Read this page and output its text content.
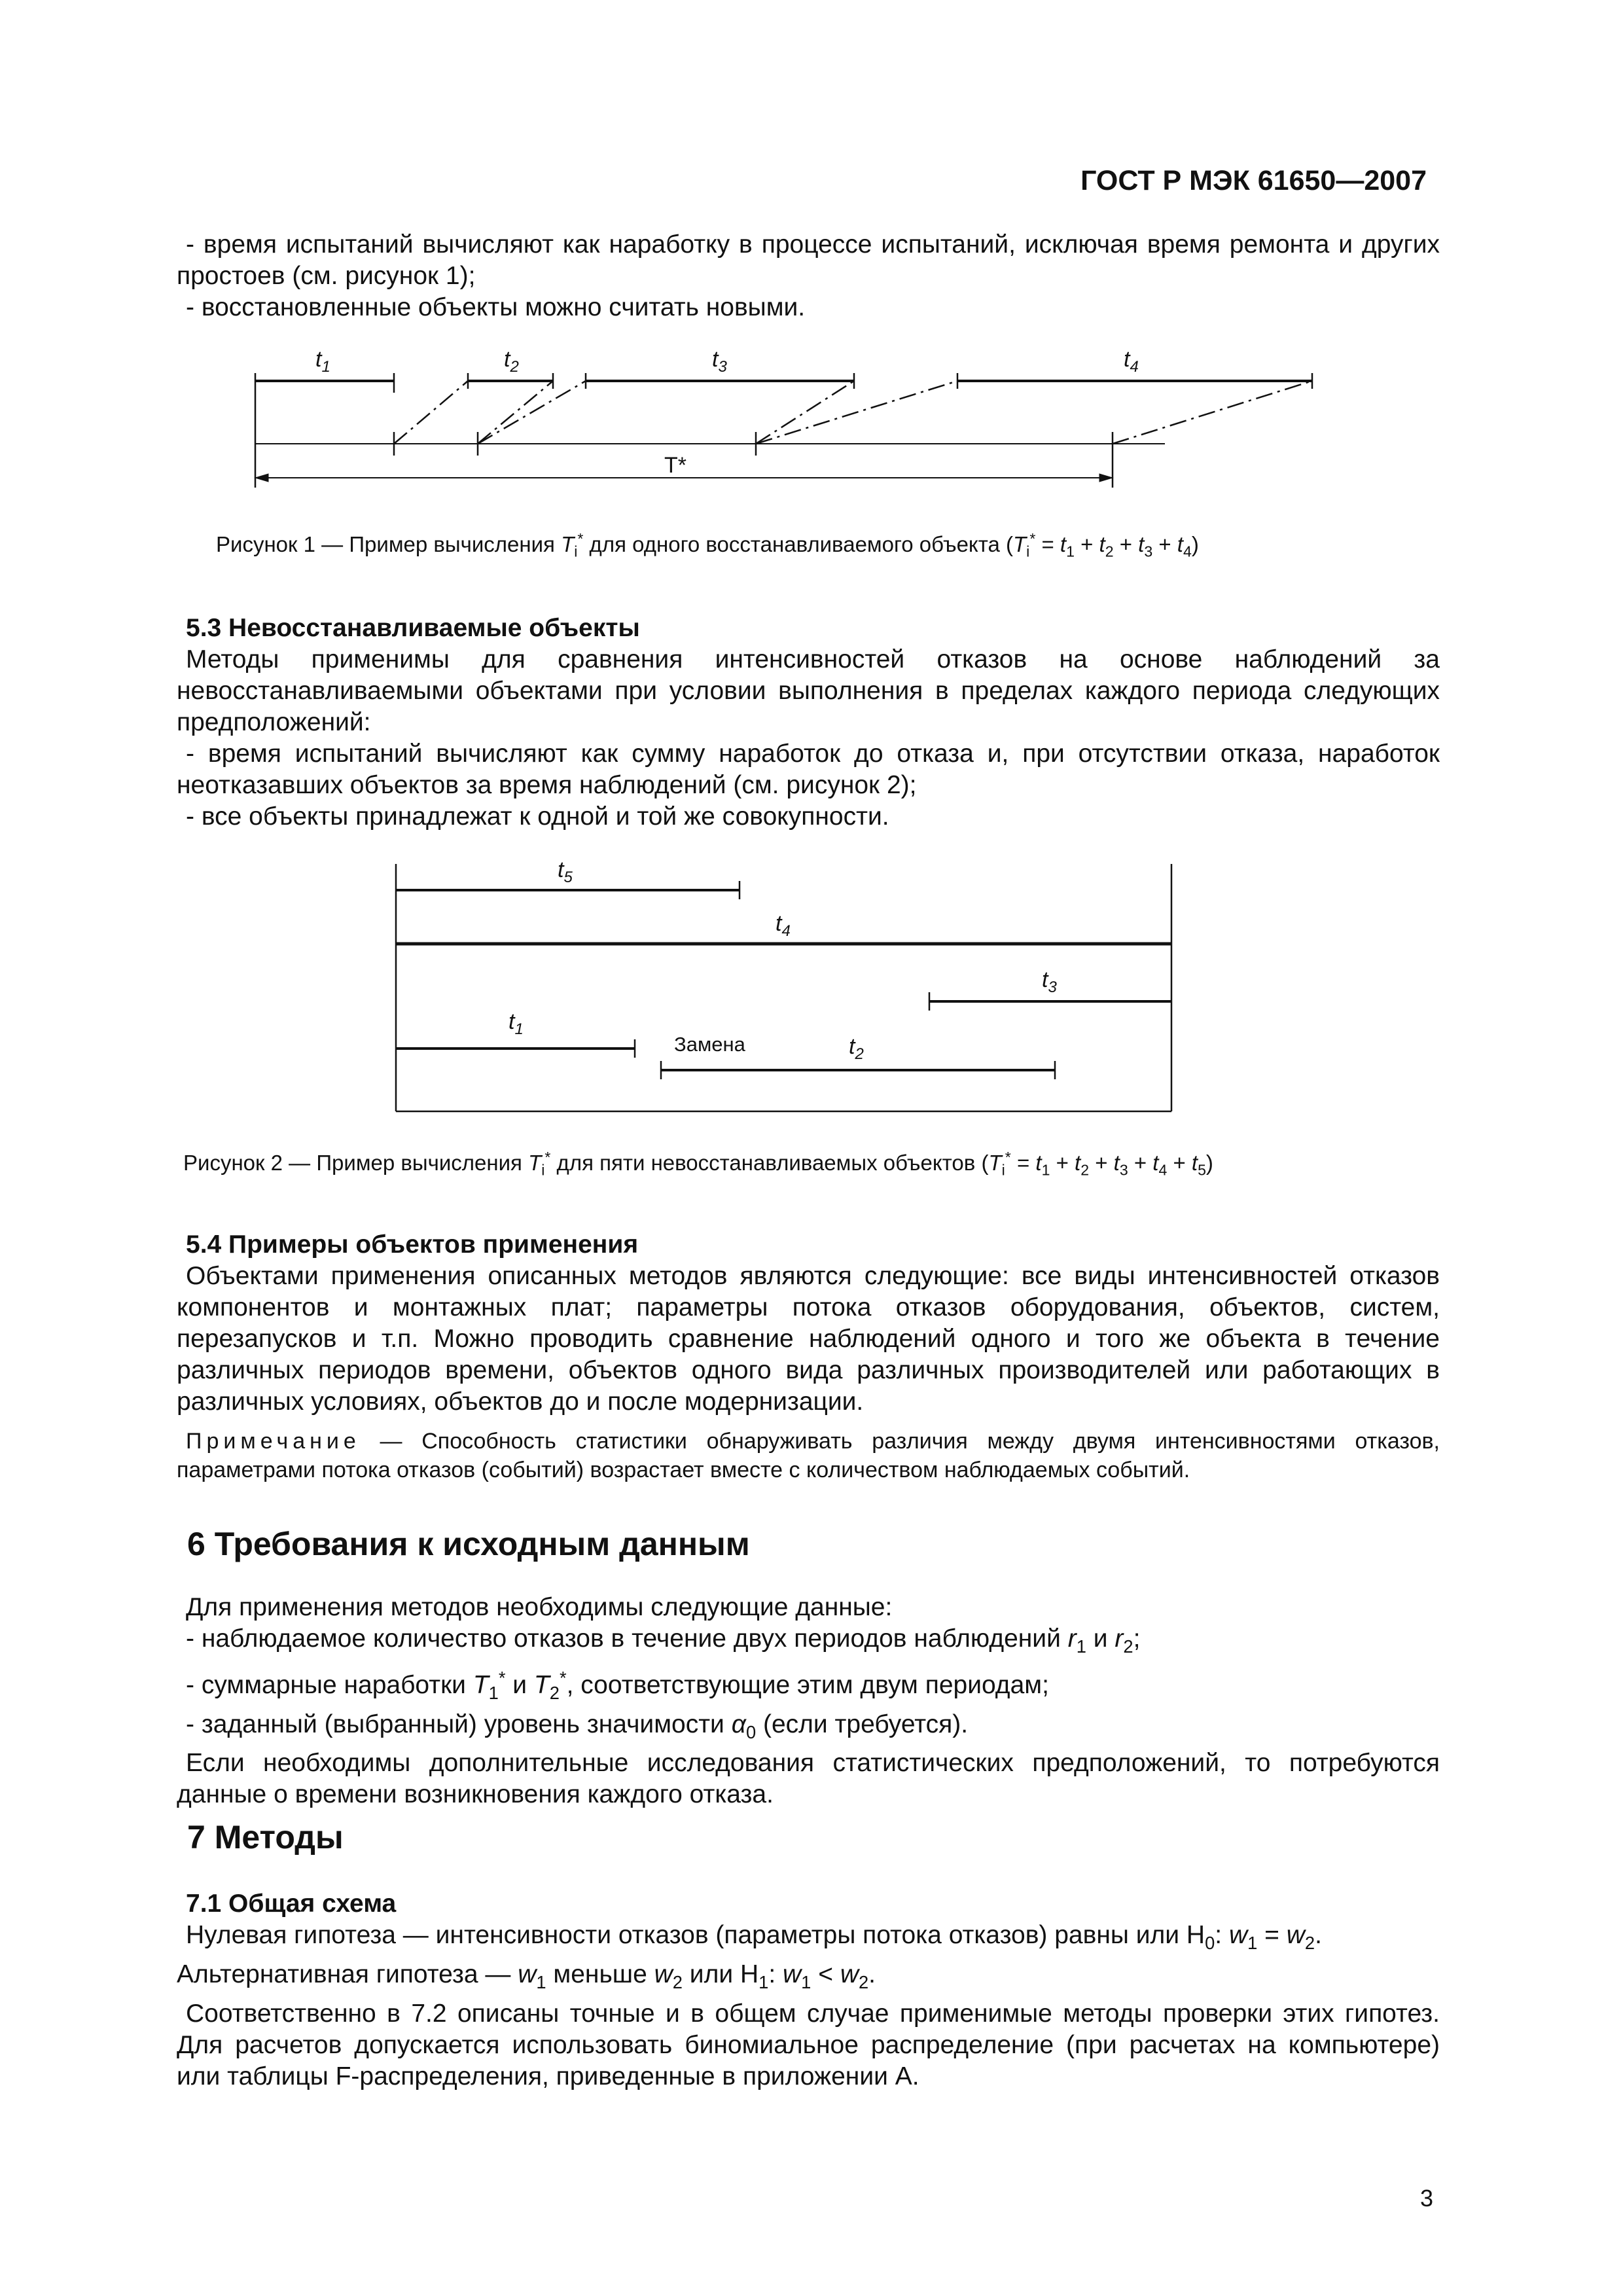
ГОСТ Р МЭК 61650—2007

- время испытаний вычисляют как наработку в процессе испытаний, исключая время ремонта и других простоев (см. рисунок 1);

- восстановленные объекты можно считать новыми.

$t_1$	$t_2$	$t_3$	$t_4$
T*
Рисунок 1 — Пример вычисления $T_i^*$ для одного восстанавливаемого объекта $(T_i^* = t_1 + t_2 + t_3 + t_4)$

5.3 Невосстанавливаемые объекты

Методы применимы для сравнения интенсивностей отказов на основе наблюдений за невосстанавливаемыми объектами при условии выполнения в пределах каждого периода следующих предположений:

- время испытаний вычисляют как сумму наработок до отказа и, при отсутствии отказа, наработок неотказавших объектов за время наблюдений (см. рисунок 2);

- все объекты принадлежат к одной и той же совокупности.

$t_5$
$t_4$
$t_3$
$t_1$
$t_2$
Замена
Рисунок 2 — Пример вычисления $T_i^*$ для пяти невосстанавливаемых объектов $(T_i^* = t_1 + t_2 + t_3 + t_4 + t_5)$

5.4 Примеры объектов применения

Объектами применения описанных методов являются следующие: все виды интенсивностей отказов компонентов и монтажных плат; параметры потока отказов оборудования, объектов, систем, перезапусков и т.п. Можно проводить сравнение наблюдений одного и того же объекта в течение различных периодов времени, объектов одного вида различных производителей или работающих в различных условиях, объектов до и после модернизации.

Примечание — Способность статистики обнаруживать различия между двумя интенсивностями отказов, параметрами потока отказов (событий) возрастает вместе с количеством наблюдаемых событий.

6 Требования к исходным данным

Для применения методов необходимы следующие данные:

- наблюдаемое количество отказов в течение двух периодов наблюдений $r_1$ и $r_2$;

- суммарные наработки $T_1^*$ и $T_2^*$, соответствующие этим двум периодам;

- заданный (выбранный) уровень значимости $\alpha_0$ (если требуется).

Если необходимы дополнительные исследования статистических предположений, то потребуются данные о времени возникновения каждого отказа.

7 Методы

7.1 Общая схема

Нулевая гипотеза — интенсивности отказов (параметры потока отказов) равны или $H_0$: $w_1 = w_2$.

Альтернативная гипотеза — $w_1$ меньше $w_2$ или $H_1$: $w_1 < w_2$.

Соответственно в 7.2 описаны точные и в общем случае применимые методы проверки этих гипотез. Для расчетов допускается использовать биномиальное распределение (при расчетах на компьютере) или таблицы F-распределения, приведенные в приложении А.

3
